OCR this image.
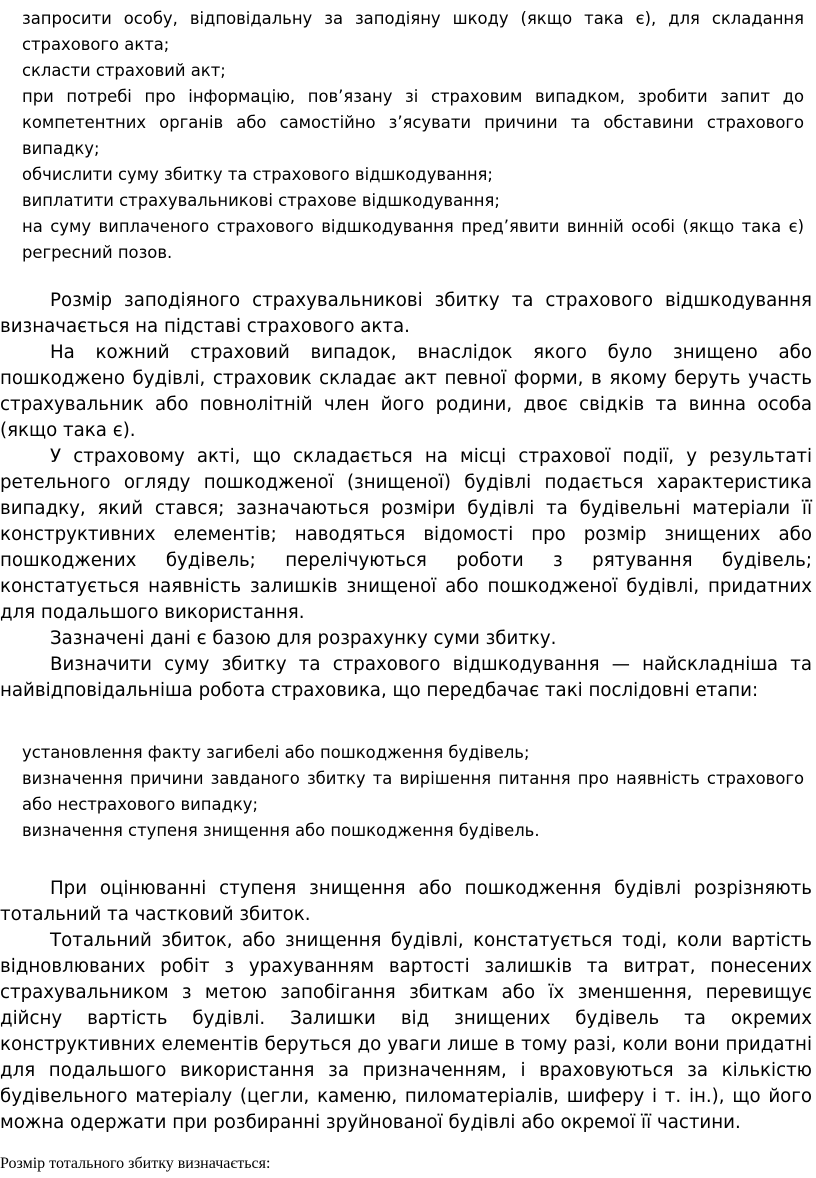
запросити особу, відповідальну за заподіяну шкоду (якщо така є), для складання страхового акта;
скласти страховий акт;
при потребі про інформацію, пов’язану зі страховим випадком, зробити запит до компетентних органів або самостійно з’ясувати причини та обставини страхового випадку;
обчислити суму збитку та страхового відшкодування;
виплатити страхувальникові страхове відшкодування;
на суму виплаченого страхового відшкодування пред’явити винній особі (якщо така є) регресний позов.

Розмір заподіяного страхувальникові збитку та страхового відшкодування визначається на підставі страхового акта.

На кожний страховий випадок, внаслідок якого було знищено або пошкоджено будівлі, страховик складає акт певної форми, в якому беруть участь страхувальник або повнолітній член його родини, двоє свідків та винна особа (якщо така є).

У страховому акті, що складається на місці страхової події, у результаті ретельного огляду пошкодженої (знищеної) будівлі подається характеристика випадку, який стався; зазначаються розміри будівлі та будівельні матеріали її конструктивних елементів; наводяться відомості про розмір знищених або пошкоджених будівель; перелічуються роботи з рятування будівель; констатується наявність залишків знищеної або пошкодженої будівлі, придатних для подальшого використання.

Зазначені дані є базою для розрахунку суми збитку.

Визначити суму збитку та страхового відшкодування — найскладніша та найвідповідальніша робота страховика, що передбачає такі послідовні етапи:

установлення факту загибелі або пошкодження будівель;
визначення причини завданого збитку та вирішення питання про наявність страхового або нестрахового випадку;
визначення ступеня знищення або пошкодження будівель.

При оцінюванні ступеня знищення або пошкодження будівлі розрізняють тотальний та частковий збиток.

Тотальний збиток, або знищення будівлі, констатується тоді, коли вартість відновлюваних робіт з урахуванням вартості залишків та витрат, понесених страхувальником з метою запобігання збиткам або їх зменшення, перевищує дійсну вартість будівлі. Залишки від знищених будівель та окремих конструктивних елементів беруться до уваги лише в тому разі, коли вони придатні для подальшого використання за призначенням, і враховуються за кількістю будівельного матеріалу (цегли, каменю, пиломатеріалів, шиферу і т. ін.), що його можна одержати при розбиранні зруйнованої будівлі або окремої її частини.

Розмір тотального збитку визначається:
